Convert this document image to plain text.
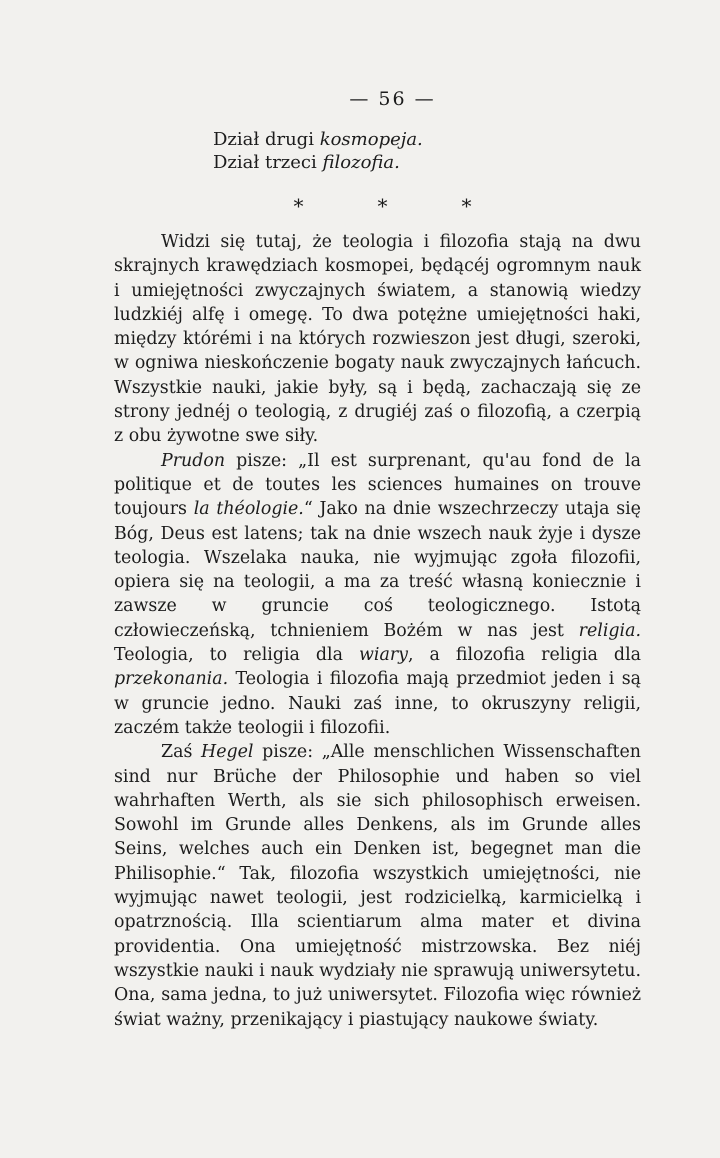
— 56 —
Dział drugi kosmopeja.
Dział trzeci filozofia.
*	*	*

Widzi się tutaj, że teologia i filozofia stają na dwu skrajnych krawędziach kosmopei, będącéj ogromnym nauk i umiejętności zwyczajnych światem, a stanowią wiedzy ludzkiéj alfę i omegę. To dwa potężne umiejętności haki, między którémi i na których rozwieszon jest długi, szeroki, w ogniwa nieskończenie bogaty nauk zwyczajnych łańcuch. Wszystkie nauki, jakie były, są i będą, zachaczają się ze strony jednéj o teologią, z drugiéj zaś o filozofią, a czerpią z obu żywotne swe siły.

Prudon pisze: „Il est surprenant, qu'au fond de la politique et de toutes les sciences humaines on trouve toujours la théologie.“ Jako na dnie wszechrzeczy utaja się Bóg, Deus est latens; tak na dnie wszech nauk żyje i dysze teologia. Wszelaka nauka, nie wyjmując zgoła filozofii, opiera się na teologii, a ma za treść własną koniecznie i zawsze w gruncie coś teologicznego. Istotą człowieczeńską, tchnieniem Bożém w nas jest religia. Teologia, to religia dla wiary, a filozofia religia dla przekonania. Teologia i filozofia mają przedmiot jeden i są w gruncie jedno. Nauki zaś inne, to okruszyny religii, zaczém także teologii i filozofii.

Zaś Hegel pisze: „Alle menschlichen Wissenschaften sind nur Brüche der Philosophie und haben so viel wahrhaften Werth, als sie sich philosophisch erweisen. Sowohl im Grunde alles Denkens, als im Grunde alles Seins, welches auch ein Denken ist, begegnet man die Philisophie.“ Tak, filozofia wszystkich umiejętności, nie wyjmując nawet teologii, jest rodzicielką, karmicielką i opatrznością. Illa scientiarum alma mater et divina providentia. Ona umiejętność mistrzowska. Bez niéj wszystkie nauki i nauk wydziały nie sprawują uniwersytetu. Ona, sama jedna, to już uniwersytet. Filozofia więc również świat ważny, przenikający i piastujący naukowe światy.
